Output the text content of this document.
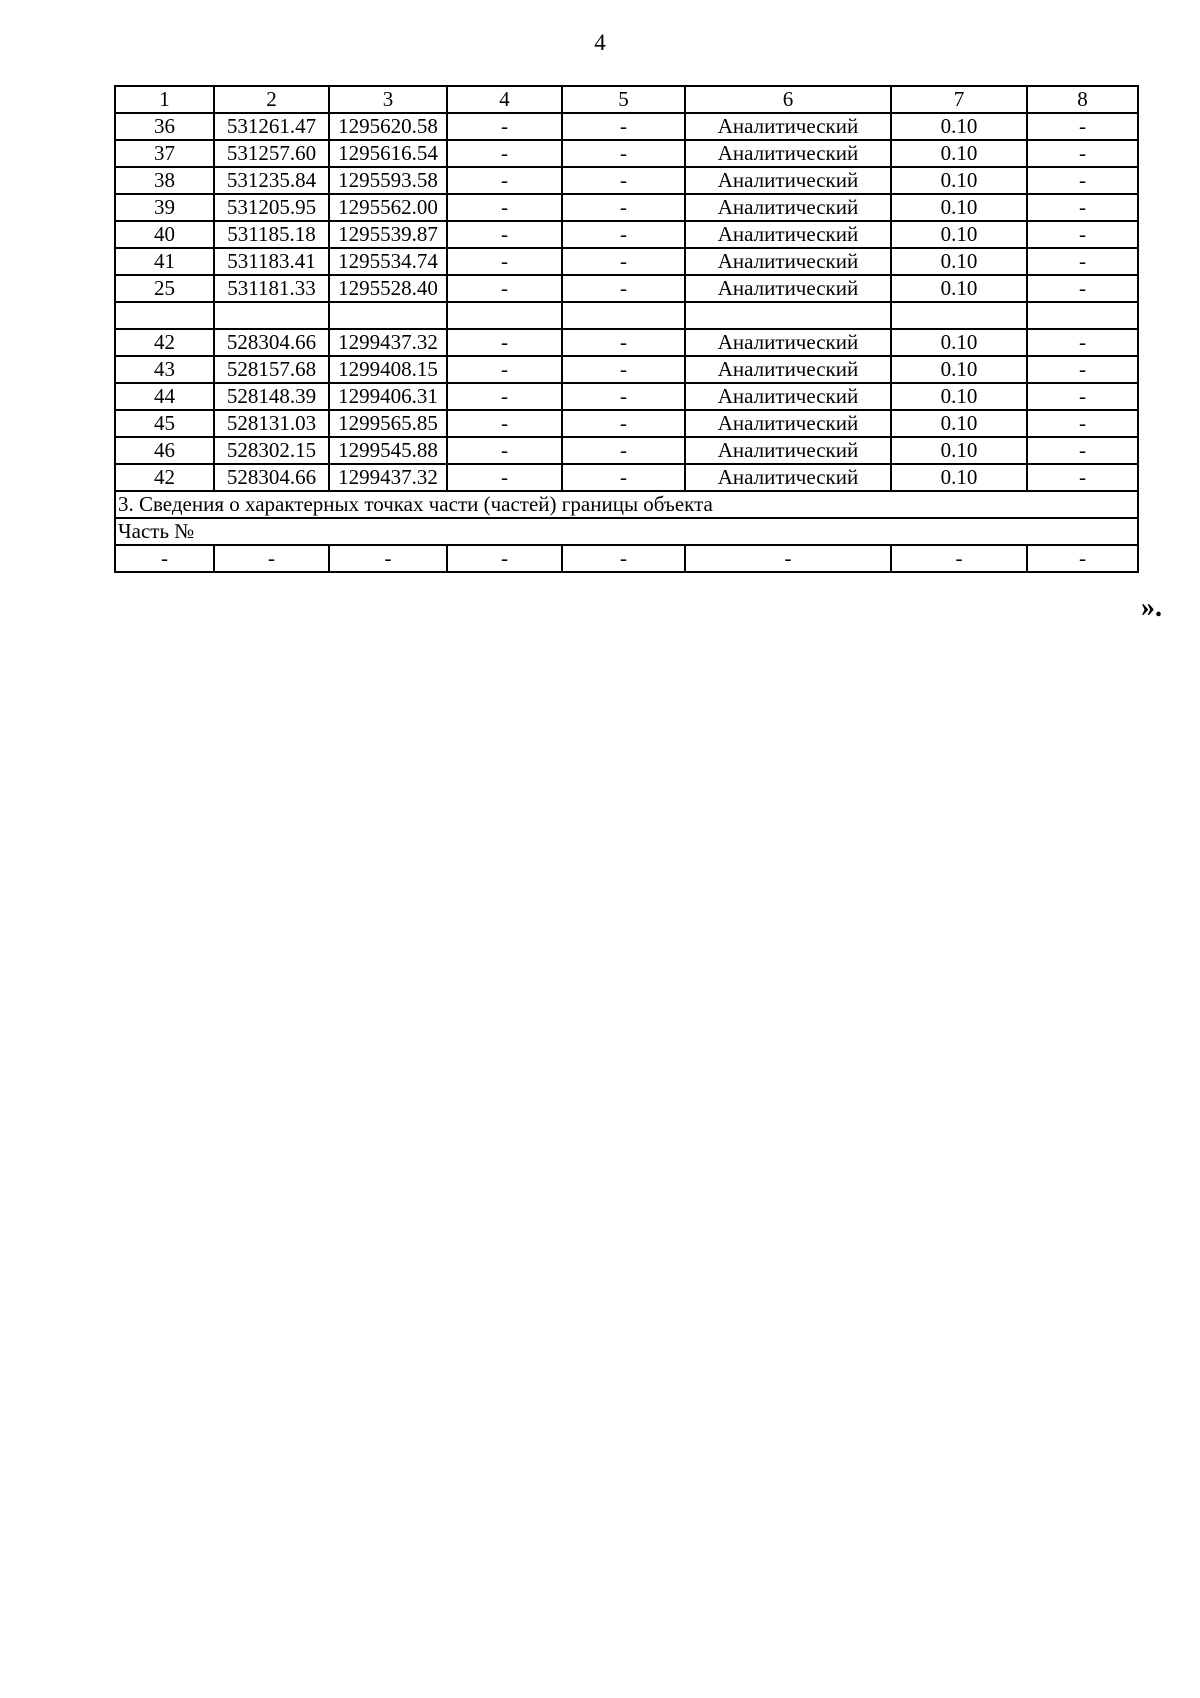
4
1	2	3	4	5	6	7	8
36	531261.47	1295620.58	-	-	Аналитический	0.10	-
37	531257.60	1295616.54	-	-	Аналитический	0.10	-
38	531235.84	1295593.58	-	-	Аналитический	0.10	-
39	531205.95	1295562.00	-	-	Аналитический	0.10	-
40	531185.18	1295539.87	-	-	Аналитический	0.10	-
41	531183.41	1295534.74	-	-	Аналитический	0.10	-
25	531181.33	1295528.40	-	-	Аналитический	0.10	-

42	528304.66	1299437.32	-	-	Аналитический	0.10	-
43	528157.68	1299408.15	-	-	Аналитический	0.10	-
44	528148.39	1299406.31	-	-	Аналитический	0.10	-
45	528131.03	1299565.85	-	-	Аналитический	0.10	-
46	528302.15	1299545.88	-	-	Аналитический	0.10	-
42	528304.66	1299437.32	-	-	Аналитический	0.10	-
3. Сведения о характерных точках части (частей) границы объекта							
Часть №							
-	-	-	-	-	-	-	-
».
